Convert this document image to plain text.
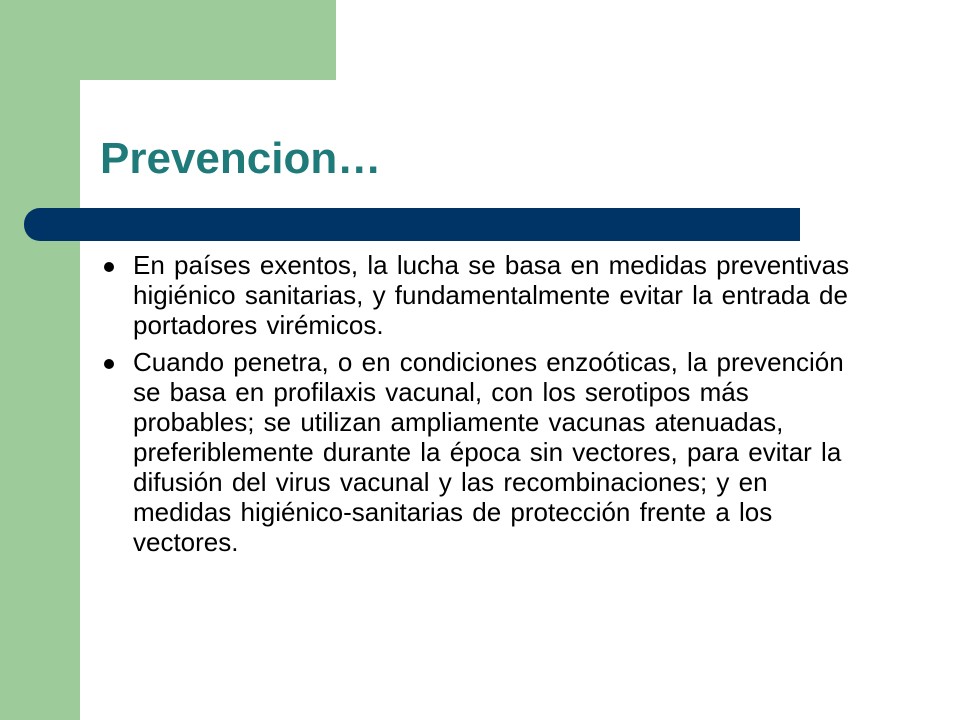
Prevencion…
En países exentos, la lucha se basa en medidas preventivas higiénico sanitarias, y fundamentalmente evitar la entrada de portadores virémicos.
Cuando penetra, o en condiciones enzoóticas, la prevención se basa en profilaxis vacunal, con los serotipos más probables; se utilizan ampliamente vacunas atenuadas, preferiblemente durante la época sin vectores, para evitar la difusión del virus vacunal y las recombinaciones; y en medidas higiénico-sanitarias de protección frente a los vectores.
